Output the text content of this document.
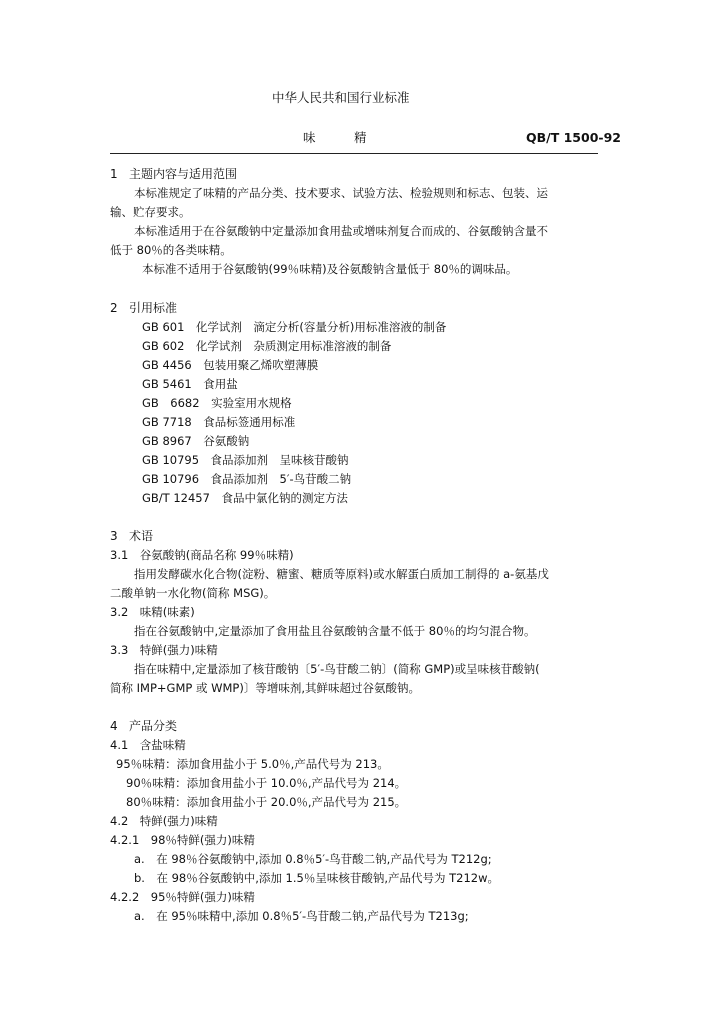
中华人民共和国行业标准
味	精	QB/T 1500-92
1 主题内容与适用范围
本标准规定了味精的产品分类、技术要求、试验方法、检验规则和标志、包装、运
输、贮存要求。
本标准适用于在谷氨酸钠中定量添加食用盐或增味剂复合而成的、谷氨酸钠含量不
低于 80％的各类味精。
本标准不适用于谷氨酸钠(99％味精)及谷氨酸钠含量低于 80％的调味品。
2 引用标准
GB 601　化学试剂　滴定分析(容量分析)用标准溶液的制备
GB 602　化学试剂　杂质测定用标准溶液的制备
GB 4456　包装用聚乙烯吹塑薄膜
GB 5461　食用盐
GB　6682　实验室用水规格
GB 7718　食品标签通用标准
GB 8967　谷氨酸钠
GB 10795　食品添加剂　呈味核苷酸钠
GB 10796　食品添加剂　5′-鸟苷酸二钠
GB/T 12457　食品中氯化钠的测定方法
3 术语
3.1　谷氨酸钠(商品名称 99％味精)
指用发酵碳水化合物(淀粉、糖蜜、糖质等原料)或水解蛋白质加工制得的 a-氨基戊
二酸单钠一水化物(简称 MSG)。
3.2　味精(味素)
指在谷氨酸钠中,定量添加了食用盐且谷氨酸钠含量不低于 80％的均匀混合物。
3.3　特鲜(强力)味精
指在味精中,定量添加了核苷酸钠〔5′-鸟苷酸二钠〕(简称 GMP)或呈味核苷酸钠(
简称 IMP+GMP 或 WMP)〕等增味剂,其鲜味超过谷氨酸钠。
4 产品分类
4.1　含盐味精
95％味精：添加食用盐小于 5.0％,产品代号为 213。
90％味精：添加食用盐小于 10.0％,产品代号为 214。
80％味精：添加食用盐小于 20.0％,产品代号为 215。
4.2　特鲜(强力)味精
4.2.1　98％特鲜(强力)味精
a.　在 98％谷氨酸钠中,添加 0.8％5′-鸟苷酸二钠,产品代号为 T212g;
b.　在 98％谷氨酸钠中,添加 1.5％呈味核苷酸钠,产品代号为 T212w。
4.2.2　95％特鲜(强力)味精
a.　在 95％味精中,添加 0.8％5′-鸟苷酸二钠,产品代号为 T213g;
